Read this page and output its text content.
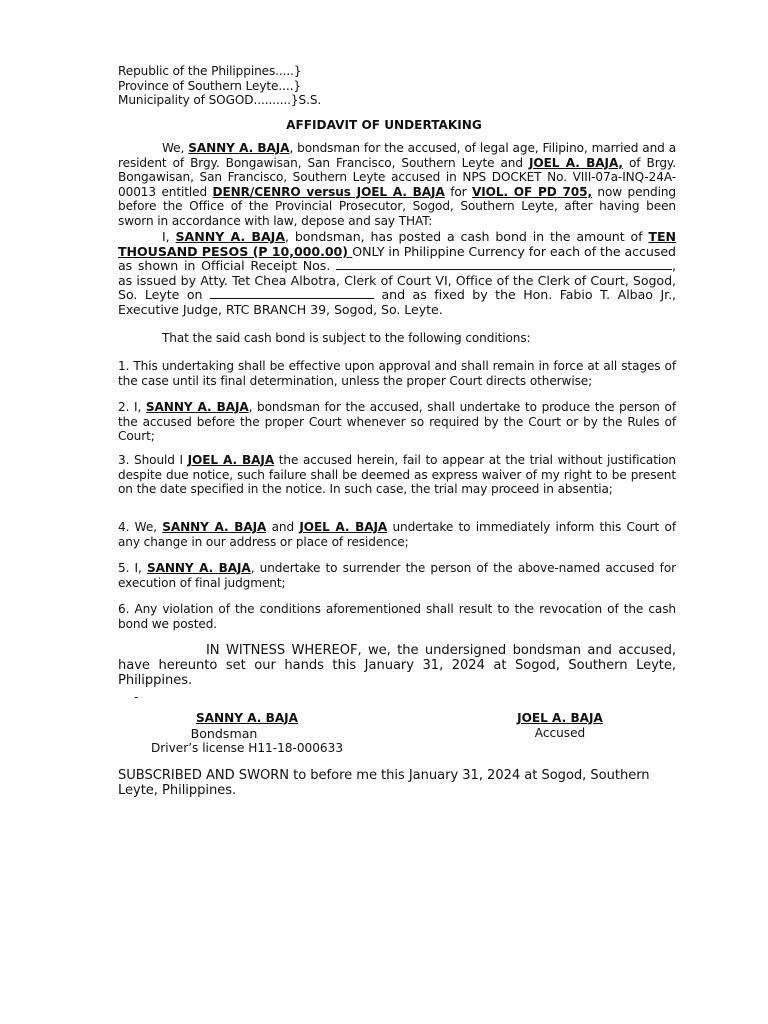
Republic of the Philippines.....}

Province of Southern Leyte....}

Municipality of SOGOD..........}S.S.

AFFIDAVIT OF UNDERTAKING

We, SANNY A. BAJA, bondsman for the accused, of legal age, Filipino, married and a resident of Brgy. Bongawisan, San Francisco, Southern Leyte and JOEL A. BAJA, of Brgy. Bongawisan, San Francisco, Southern Leyte accused in NPS DOCKET No. VIII-07a-INQ-24A-00013 entitled DENR/CENRO versus JOEL A. BAJA for VIOL. OF PD 705, now pending before the Office of the Provincial Prosecutor, Sogod, Southern Leyte, after having been sworn in accordance with law, depose and say THAT:

I, SANNY A. BAJA, bondsman, has posted a cash bond in the amount of TEN THOUSAND PESOS (P 10,000.00) ONLY in Philippine Currency for each of the accused as shown in Official Receipt Nos.	, as issued by Atty. Tet Chea Albotra, Clerk of Court VI, Office of the Clerk of Court, Sogod, So. Leyte on	and as fixed by the Hon. Fabio T. Albao Jr., Executive Judge, RTC BRANCH 39, Sogod, So. Leyte.

That the said cash bond is subject to the following conditions:

1. This undertaking shall be effective upon approval and shall remain in force at all stages of the case until its final determination, unless the proper Court directs otherwise;

2. I, SANNY A. BAJA, bondsman for the accused, shall undertake to produce the person of the accused before the proper Court whenever so required by the Court or by the Rules of Court;

3. Should I JOEL A. BAJA the accused herein, fail to appear at the trial without justification despite due notice, such failure shall be deemed as express waiver of my right to be present on the date specified in the notice. In such case, the trial may proceed in absentia;

4. We, SANNY A. BAJA and JOEL A. BAJA undertake to immediately inform this Court of any change in our address or place of residence;

5. I, SANNY A. BAJA, undertake to surrender the person of the above-named accused for execution of final judgment;

6. Any violation of the conditions aforementioned shall result to the revocation of the cash bond we posted.

IN WITNESS WHEREOF, we, the undersigned bondsman and accused, have hereunto set our hands this January 31, 2024 at Sogod, Southern Leyte, Philippines.

-

SANNY A. BAJA
Bondsman
Driver’s license H11-18-000633
JOEL A. BAJA
Accused

SUBSCRIBED AND SWORN to before me this January 31, 2024 at Sogod, Southern Leyte, Philippines.
